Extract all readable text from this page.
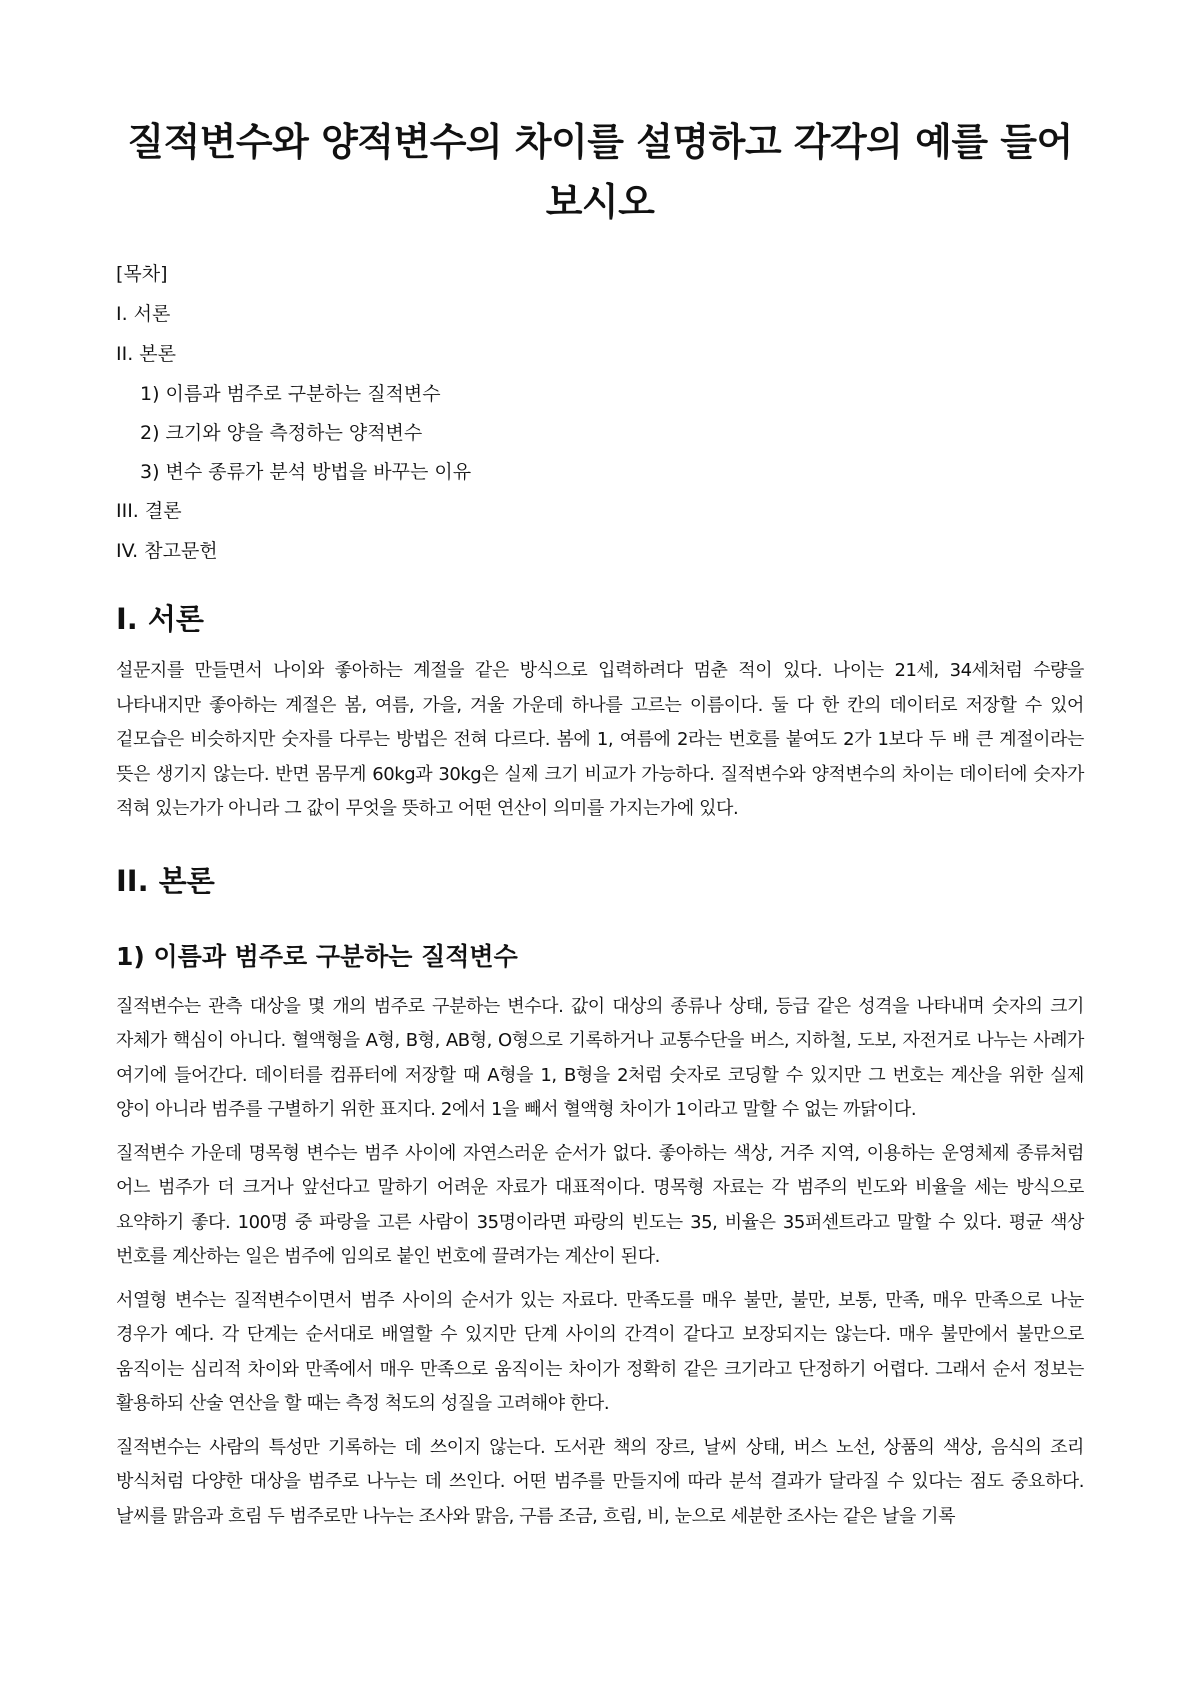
질적변수와 양적변수의 차이를 설명하고 각각의 예를 들어 보시오
[목차]
I. 서론
II. 본론
1) 이름과 범주로 구분하는 질적변수
2) 크기와 양을 측정하는 양적변수
3) 변수 종류가 분석 방법을 바꾸는 이유
III. 결론
IV. 참고문헌
I. 서론

설문지를 만들면서 나이와 좋아하는 계절을 같은 방식으로 입력하려다 멈춘 적이 있다. 나이는 21세, 34세처럼 수량을 나타내지만 좋아하는 계절은 봄, 여름, 가을, 겨울 가운데 하나를 고르는 이름이다. 둘 다 한 칸의 데이터로 저장할 수 있어 겉모습은 비슷하지만 숫자를 다루는 방법은 전혀 다르다. 봄에 1, 여름에 2라는 번호를 붙여도 2가 1보다 두 배 큰 계절이라는 뜻은 생기지 않는다. 반면 몸무게 60kg과 30kg은 실제 크기 비교가 가능하다. 질적변수와 양적변수의 차이는 데이터에 숫자가 적혀 있는가가 아니라 그 값이 무엇을 뜻하고 어떤 연산이 의미를 가지는가에 있다.

II. 본론
1) 이름과 범주로 구분하는 질적변수

질적변수는 관측 대상을 몇 개의 범주로 구분하는 변수다. 값이 대상의 종류나 상태, 등급 같은 성격을 나타내며 숫자의 크기 자체가 핵심이 아니다. 혈액형을 A형, B형, AB형, O형으로 기록하거나 교통수단을 버스, 지하철, 도보, 자전거로 나누는 사례가 여기에 들어간다. 데이터를 컴퓨터에 저장할 때 A형을 1, B형을 2처럼 숫자로 코딩할 수 있지만 그 번호는 계산을 위한 실제 양이 아니라 범주를 구별하기 위한 표지다. 2에서 1을 빼서 혈액형 차이가 1이라고 말할 수 없는 까닭이다.

질적변수 가운데 명목형 변수는 범주 사이에 자연스러운 순서가 없다. 좋아하는 색상, 거주 지역, 이용하는 운영체제 종류처럼 어느 범주가 더 크거나 앞선다고 말하기 어려운 자료가 대표적이다. 명목형 자료는 각 범주의 빈도와 비율을 세는 방식으로 요약하기 좋다. 100명 중 파랑을 고른 사람이 35명이라면 파랑의 빈도는 35, 비율은 35퍼센트라고 말할 수 있다. 평균 색상 번호를 계산하는 일은 범주에 임의로 붙인 번호에 끌려가는 계산이 된다.

서열형 변수는 질적변수이면서 범주 사이의 순서가 있는 자료다. 만족도를 매우 불만, 불만, 보통, 만족, 매우 만족으로 나눈 경우가 예다. 각 단계는 순서대로 배열할 수 있지만 단계 사이의 간격이 같다고 보장되지는 않는다. 매우 불만에서 불만으로 움직이는 심리적 차이와 만족에서 매우 만족으로 움직이는 차이가 정확히 같은 크기라고 단정하기 어렵다. 그래서 순서 정보는 활용하되 산술 연산을 할 때는 측정 척도의 성질을 고려해야 한다.

질적변수는 사람의 특성만 기록하는 데 쓰이지 않는다. 도서관 책의 장르, 날씨 상태, 버스 노선, 상품의 색상, 음식의 조리 방식처럼 다양한 대상을 범주로 나누는 데 쓰인다. 어떤 범주를 만들지에 따라 분석 결과가 달라질 수 있다는 점도 중요하다. 날씨를 맑음과 흐림 두 범주로만 나누는 조사와 맑음, 구름 조금, 흐림, 비, 눈으로 세분한 조사는 같은 날을 기록
